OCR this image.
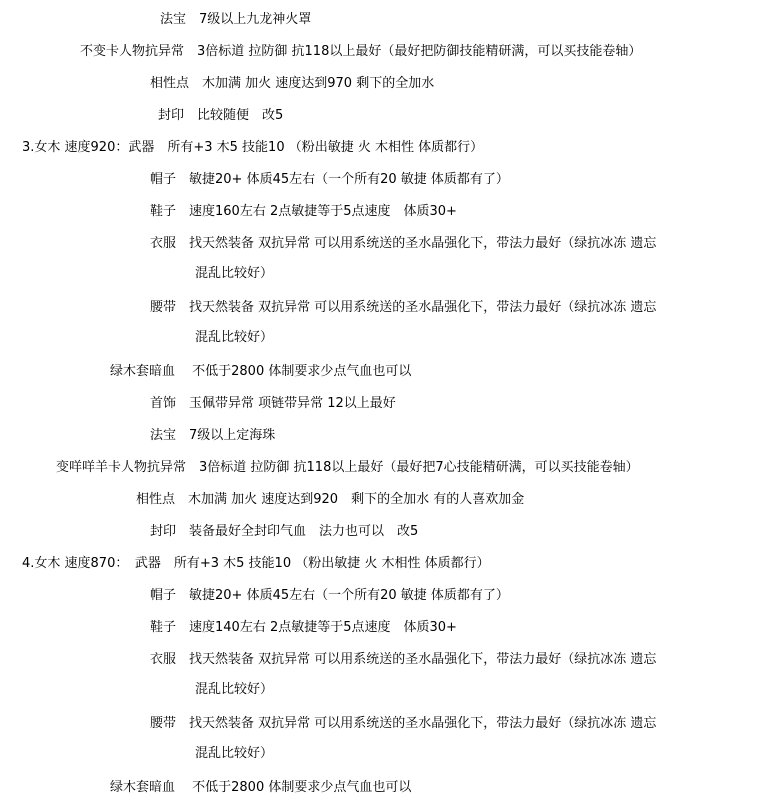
法宝　7级以上九龙神火罩
不变卡人物抗异常　3倍标道 拉防御 抗118以上最好（最好把防御技能精研满，可以买技能卷轴）
相性点　木加满 加火 速度达到970 剩下的全加水
封印　比较随便　改5
3.女木 速度920：武器　所有+3 木5 技能10 （粉出敏捷 火 木相性 体质都行）
帽子　敏捷20+ 体质45左右（一个所有20 敏捷 体质都有了）
鞋子　速度160左右 2点敏捷等于5点速度　体质30+
衣服　找天然装备 双抗异常 可以用系统送的圣水晶强化下，带法力最好（绿抗冰冻 遗忘
混乱比较好）
腰带　找天然装备 双抗异常 可以用系统送的圣水晶强化下，带法力最好（绿抗冰冻 遗忘
混乱比较好）
绿木套暗血　 不低于2800 体制要求少点气血也可以
首饰　玉佩带异常 项链带异常 12以上最好
法宝　7级以上定海珠
变咩咩羊卡人物抗异常　3倍标道 拉防御 抗118以上最好（最好把7心技能精研满，可以买技能卷轴）
相性点　木加满 加火 速度达到920　剩下的全加水 有的人喜欢加金
封印　装备最好全封印气血　法力也可以　改5
4.女木 速度870：　武器　所有+3 木5 技能10 （粉出敏捷 火 木相性 体质都行）
帽子　敏捷20+ 体质45左右（一个所有20 敏捷 体质都有了）
鞋子　速度140左右 2点敏捷等于5点速度　体质30+
衣服　找天然装备 双抗异常 可以用系统送的圣水晶强化下，带法力最好（绿抗冰冻 遗忘
混乱比较好）
腰带　找天然装备 双抗异常 可以用系统送的圣水晶强化下，带法力最好（绿抗冰冻 遗忘
混乱比较好）
绿木套暗血　 不低于2800 体制要求少点气血也可以
